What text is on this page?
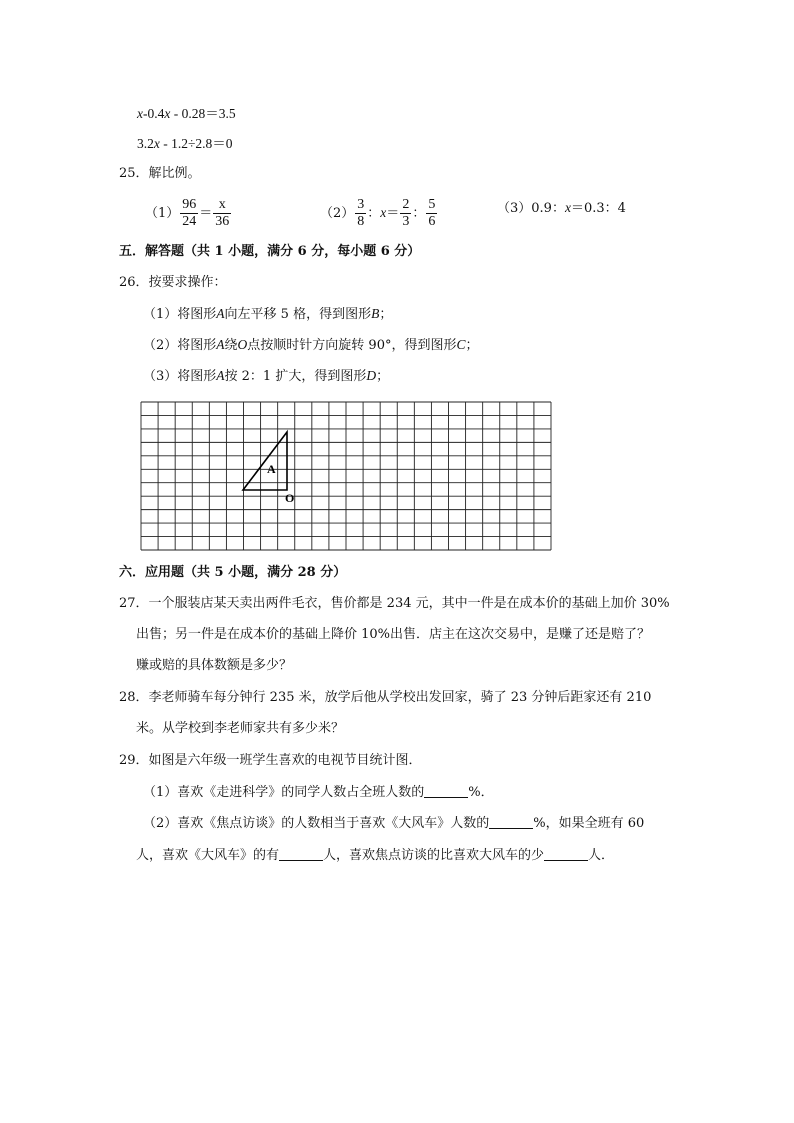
x-0.4x - 0.28＝3.5
3.2x - 1.2÷2.8＝0
25．解比例。
$(1) \frac{96}{24} = \frac{x}{36}$	$(2) \frac{3}{8}$ ：$x= \frac{2}{3}$ ： $\frac{5}{6}$	（3）0.9：x＝0.3：4
五．解答题（共 1 小题，满分 6 分，每小题 6 分）
26．按要求操作：
（1）将图形A向左平移 5 格，得到图形B；
（2）将图形A绕O点按顺时针方向旋转 90°，得到图形C；
（3）将图形A按 2：1 扩大，得到图形D；
A
O
六．应用题（共 5 小题，满分 28 分）
27．一个服装店某天卖出两件毛衣，售价都是 234 元，其中一件是在成本价的基础上加价 30%
出售；另一件是在成本价的基础上降价 10%出售．店主在这次交易中，是赚了还是赔了？
赚或赔的具体数额是多少？
28．李老师骑车每分钟行 235 米，放学后他从学校出发回家，骑了 23 分钟后距家还有 210
米。从学校到李老师家共有多少米？
29．如图是六年级一班学生喜欢的电视节目统计图．
（1）喜欢《走进科学》的同学人数占全班人数的	%．
（2）喜欢《焦点访谈》的人数相当于喜欢《大风车》人数的	%，如果全班有 60
人，喜欢《大风车》的有	人，喜欢焦点访谈的比喜欢大风车的少	人．
